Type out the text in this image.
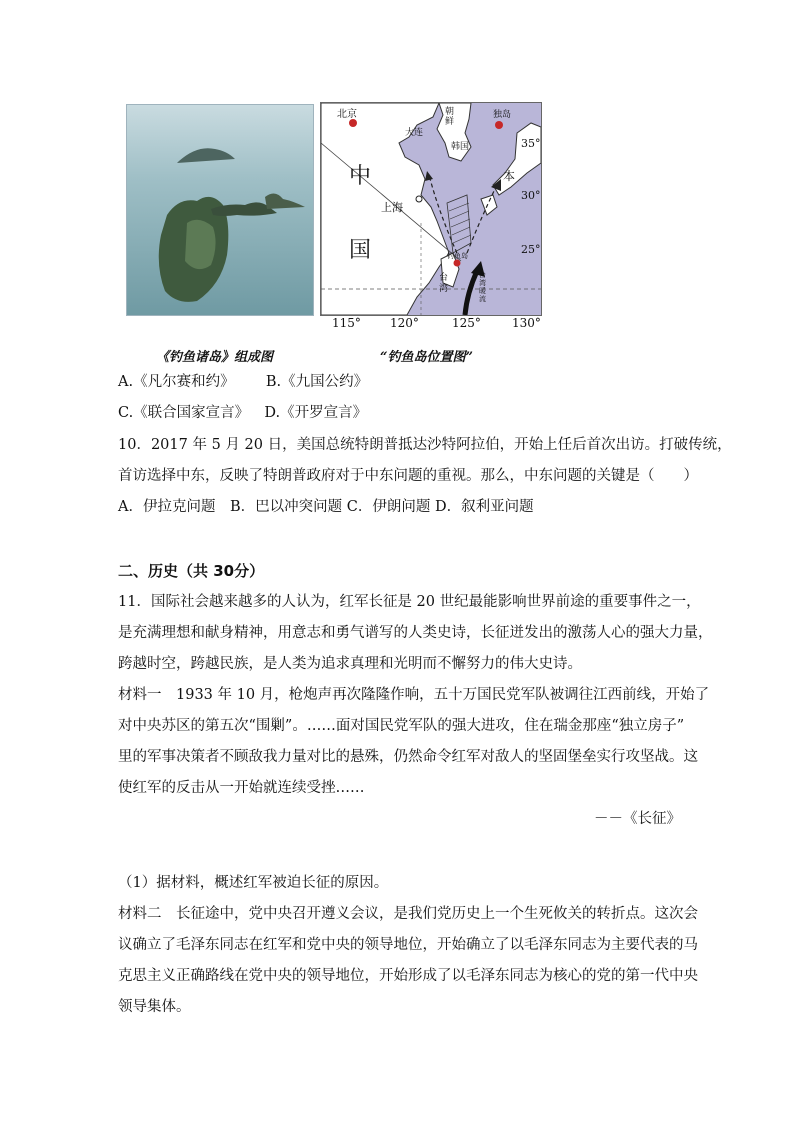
北京	朝鲜
大连
韩国
独岛
中
国
上海
本
钓鱼岛
台湾
台湾暖流
35°
30°
25°
115° 120°	125°	130°
《钓鱼诸岛》组成图	“钓鱼岛位置图”
A.《凡尔赛和约》 B.《九国公约》
C.《联合国家宣言》 D.《开罗宣言》
10．2017 年 5 月 20 日，美国总统特朗普抵达沙特阿拉伯，开始上任后首次出访。打破传统，
首访选择中东，反映了特朗普政府对于中东问题的重视。那么，中东问题的关键是（　　）
A．伊拉克问题　B．巴以冲突问题 C．伊朗问题 D．叙利亚问题
二、历史（共 30分）
11．国际社会越来越多的人认为，红军长征是 20 世纪最能影响世界前途的重要事件之一，
是充满理想和献身精神，用意志和勇气谱写的人类史诗，长征迸发出的激荡人心的强大力量，
跨越时空，跨越民族，是人类为追求真理和光明而不懈努力的伟大史诗。
材料一　1933 年 10 月，枪炮声再次隆隆作响，五十万国民党军队被调往江西前线，开始了
对中央苏区的第五次“围剿”。……面对国民党军队的强大进攻，住在瑞金那座“独立房子”
里的军事决策者不顾敌我力量对比的悬殊，仍然命令红军对敌人的坚固堡垒实行攻坚战。这
使红军的反击从一开始就连续受挫……
－－《长征》
（1）据材料，概述红军被迫长征的原因。
材料二　长征途中，党中央召开遵义会议，是我们党历史上一个生死攸关的转折点。这次会
议确立了毛泽东同志在红军和党中央的领导地位，开始确立了以毛泽东同志为主要代表的马
克思主义正确路线在党中央的领导地位，开始形成了以毛泽东同志为核心的党的第一代中央
领导集体。
